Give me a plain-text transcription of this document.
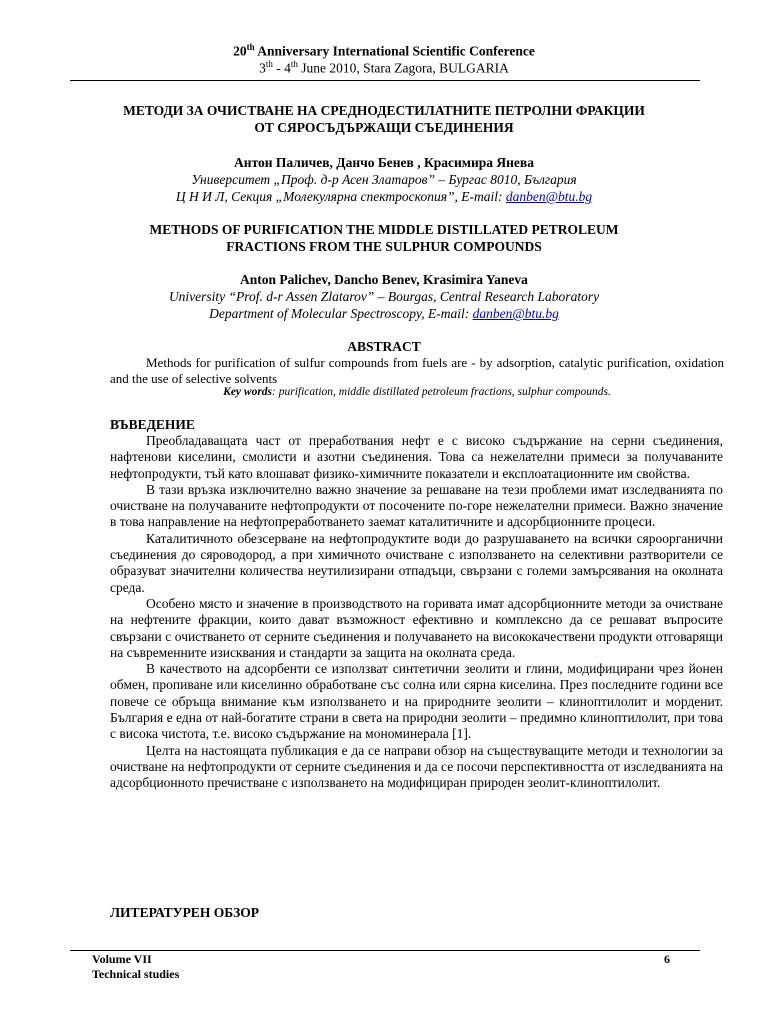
20th Anniversary International Scientific Conference
3th - 4th June 2010, Stara Zagora, BULGARIA
МЕТОДИ ЗА ОЧИСТВАНЕ НА СРЕДНОДЕСТИЛАТНИТЕ ПЕТРОЛНИ ФРАКЦИИ
ОТ СЯРОСЪДЪРЖАЩИ СЪЕДИНЕНИЯ
Антон Паличев, Данчо Бенев , Красимира Янева
Университет „Проф. д-р Асен Златаров” – Бургас 8010, България
Ц Н И Л, Секция „Молекулярна спектроскопия”, E-mail: danben@btu.bg
METHODS OF PURIFICATION THE MIDDLE DISTILLATED PETROLEUM
FRACTIONS FROM THE SULPHUR COMPOUNDS
Anton Palichev, Dancho Benev, Krasimira Yaneva
University “Prof. d-r Assen Zlatarov” – Bourgas, Central Research Laboratory
Department of Molecular Spectroscopy, E-mail: danben@btu.bg
ABSTRACT
Methods for purification of sulfur compounds from fuels are - by adsorption, catalytic purification, oxidation and the use of selective solvents
Key words: purification, middle distillated petroleum fractions, sulphur compounds.
ВЪВЕДЕНИЕ

Преобладаващата част от преработвания нефт е с високо съдържание на серни съединения, нафтенови киселини, смолисти и азотни съединения. Това са нежелателни примеси за получаваните нефтопродукти, тъй като влошават физико-химичните показатели и експлоатационните им свойства.

В тази връзка изключително важно значение за решаване на тези проблеми имат изследванията по очистване на получаваните нефтопродукти от посочените по-горе нежелателни примеси. Важно значение в това направление на нефтопреработването заемат каталитичните и адсорбционните процеси.

Каталитичното обезсерване на нефтопродуктите води до разрушаването на всички сяроорганични съединения до сяроводород, а при химичното очистване с използването на селективни разтворители се образуват значителни количества неутилизирани отпадъци, свързани с големи замърсявания на околната среда.

Особено място и значение в производството на горивата имат адсорбционните методи за очистване на нефтените фракции, които дават възможност ефективно и комплексно да се решават въпросите свързани с очистването от серните съединения и получаването на висококачествени продукти отговарящи на съвременните изисквания и стандарти за защита на околната среда.

В качеството на адсорбенти се използват синтетични зеолити и глини, модифицирани чрез йонен обмен, пропиване или киселинно обработване със солна или сярна киселина. През последните години все повече се обръща внимание към използването и на природните зеолити – клиноптилолит и морденит. България е една от най-богатите страни в света на природни зеолити – предимно клиноптилолит, при това с висока чистота, т.е. високо съдържание на мономинерала [1].

Целта на настоящата публикация е да се направи обзор на съществуващите методи и технологии за очистване на нефтопродукти от серните съединения и да се посочи перспективността от изследванията на адсорбционното пречистване с използването на модифициран природен зеолит-клиноптилолит.

ЛИТЕРАТУРЕН ОБЗОР
Volume VII
Technical studies
6
